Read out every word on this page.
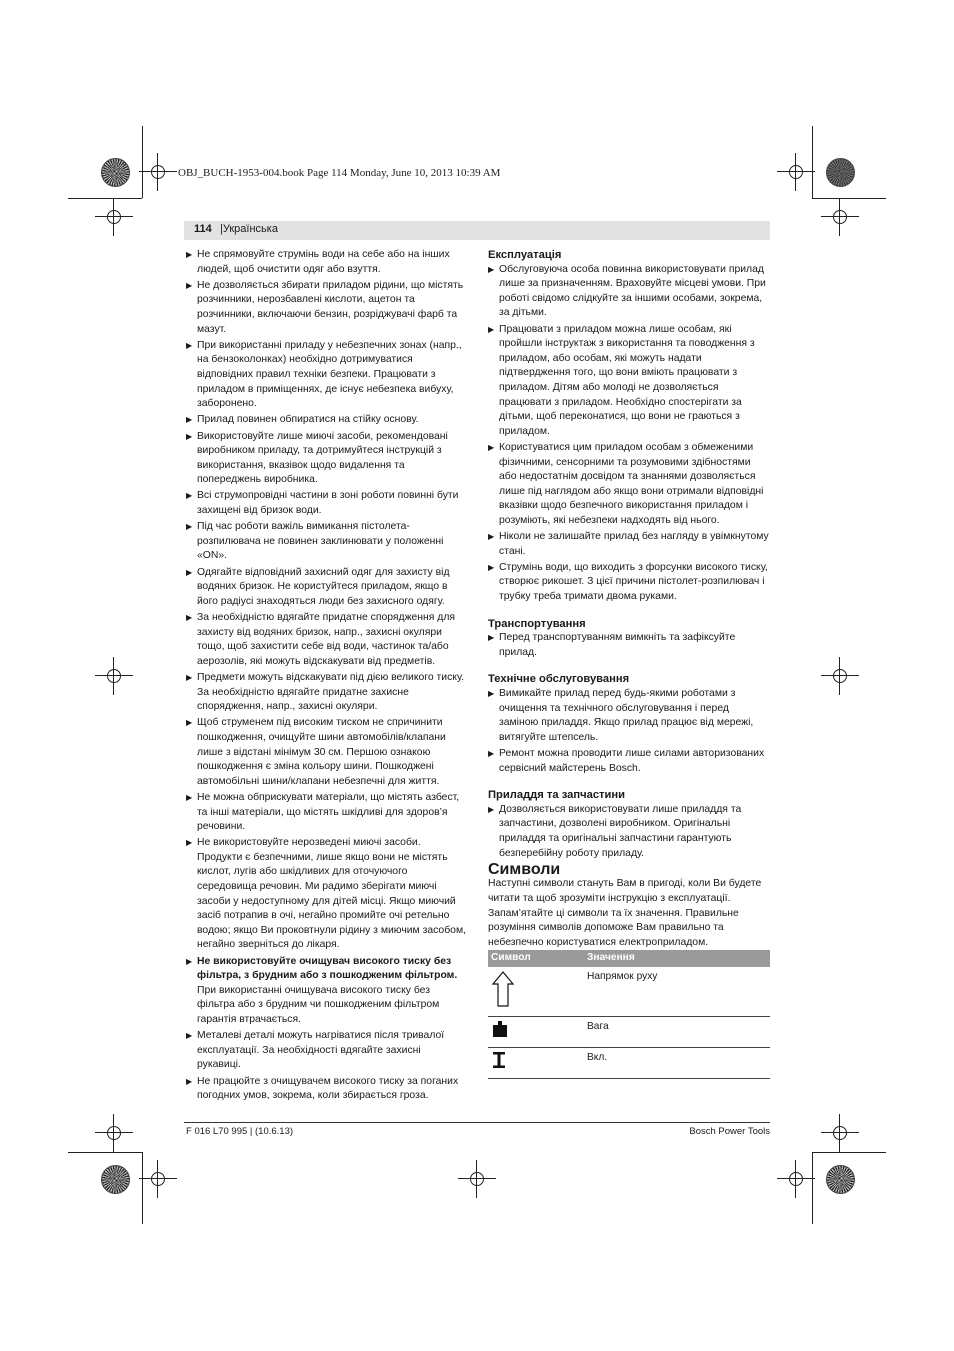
OBJ_BUCH-1953-004.book Page 114 Monday, June 10, 2013 10:39 AM
114 |Українська
▶ Не спрямовуйте струмінь води на себе або на інших людей, щоб очистити одяг або взуття.
▶ Не дозволяється збирати приладом рідини, що містять розчинники, нерозбавлені кислоти, ацетон та розчинники, включаючи бензин, розріджувачі фарб та мазут.
▶ При використанні приладу у небезпечних зонах (напр., на бензоколонках) необхідно дотримуватися відповідних правил техніки безпеки. Працювати з приладом в приміщеннях, де існує небезпека вибуху, заборонено.
▶ Прилад повинен обпиратися на стійку основу.
▶ Використовуйте лише миючі засоби, рекомендовані виробником приладу, та дотримуйтеся інструкцій з використання, вказівок щодо видалення та попереджень виробника.
▶ Всі струмопровідні частини в зоні роботи повинні бути захищені від бризок води.
▶ Під час роботи важіль вимикання пістолета-розпилювача не повинен заклинювати у положенні «ON».
▶ Одягайте відповідний захисний одяг для захисту від водяних бризок. Не користуйтеся приладом, якщо в його радіусі знаходяться люди без захисного одягу.
▶ За необхідністю вдягайте придатне спорядження для захисту від водяних бризок, напр., захисні окуляри тощо, щоб захистити себе від води, частинок та/або аерозолів, які можуть відскакувати від предметів.
▶ Предмети можуть відскакувати під дією великого тиску. За необхідністю вдягайте придатне захисне спорядження, напр., захисні окуляри.
▶ Щоб струменем під високим тиском не спричинити пошкодження, очищуйте шини автомобілів/клапани лише з відстані мінімум 30 см. Першою ознакою пошкодження є зміна кольору шини. Пошкоджені автомобільні шини/клапани небезпечні для життя.
▶ Не можна обприскувати матеріали, що містять азбест, та інші матеріали, що містять шкідливі для здоров’я речовини.
▶ Не використовуйте нерозведені миючі засоби. Продукти є безпечними, лише якщо вони не містять кислот, лугів або шкідливих для оточуючого середовища речовин. Ми радимо зберігати миючі засоби у недоступному для дітей місці. Якщо миючий засіб потрапив в очі, негайно промийте очі ретельно водою; якщо Ви проковтнули рідину з миючим засобом, негайно зверніться до лікаря.
▶ Не використовуйте очищувач високого тиску без фільтра, з брудним або з пошкодженим фільтром. При використанні очищувача високого тиску без фільтра або з брудним чи пошкодженим фільтром гарантія втрачається.
▶ Металеві деталі можуть нагріватися після тривалої експлуатації. За необхідності вдягайте захисні рукавиці.
▶ Не працюйте з очищувачем високого тиску за поганих погодних умов, зокрема, коли збирається гроза.

Експлуатація

▶ Обслуговуюча особа повинна використовувати прилад лише за призначенням. Враховуйте місцеві умови. При роботі свідомо слідкуйте за іншими особами, зокрема, за дітьми.
▶ Працювати з приладом можна лише особам, які пройшли інструктаж з використання та поводження з приладом, або особам, які можуть надати підтвердження того, що вони вміють працювати з приладом. Дітям або молоді не дозволяється працювати з приладом. Необхідно спостерігати за дітьми, щоб переконатися, що вони не граються з приладом.
▶ Користуватися цим приладом особам з обмеженими фізичними, сенсорними та розумовими здібностями або недостатнім досвідом та знаннями дозволяється лише під наглядом або якщо вони отримали відповідні вказівки щодо безпечного використання приладом і розуміють, які небезпеки надходять від нього.
▶ Ніколи не залишайте прилад без нагляду в увімкнутому стані.
▶ Струмінь води, що виходить з форсунки високого тиску, створює рикошет. З цієї причини пістолет-розпилювач і трубку треба тримати двома руками.

Транспортування

▶ Перед транспортуванням вимкніть та зафіксуйте прилад.

Технічне обслуговування

▶ Вимикайте прилад перед будь-якими роботами з очищення та технічного обслуговування і перед заміною приладдя. Якщо прилад працює від мережі, витягуйте штепсель.
▶ Ремонт можна проводити лише силами авторизованих сервісний майстерень Bosch.

Приладдя та запчастини

▶ Дозволяється використовувати лише приладдя та запчастини, дозволені виробником. Оригінальні приладдя та оригінальні запчастини гарантують безперебійну роботу приладу.

Символи

Наступні символи стануть Вам в пригоді, коли Ви будете читати та щоб зрозуміти інструкцію з експлуатації. Запам’ятайте ці символи та їх значення. Правильне розуміння символів допоможе Вам правильно та небезпечно користуватися електроприладом.

Символ	Значення
	Напрямок руху
	Вага
	Вкл.
F 016 L70 995 | (10.6.13)	Bosch Power Tools
